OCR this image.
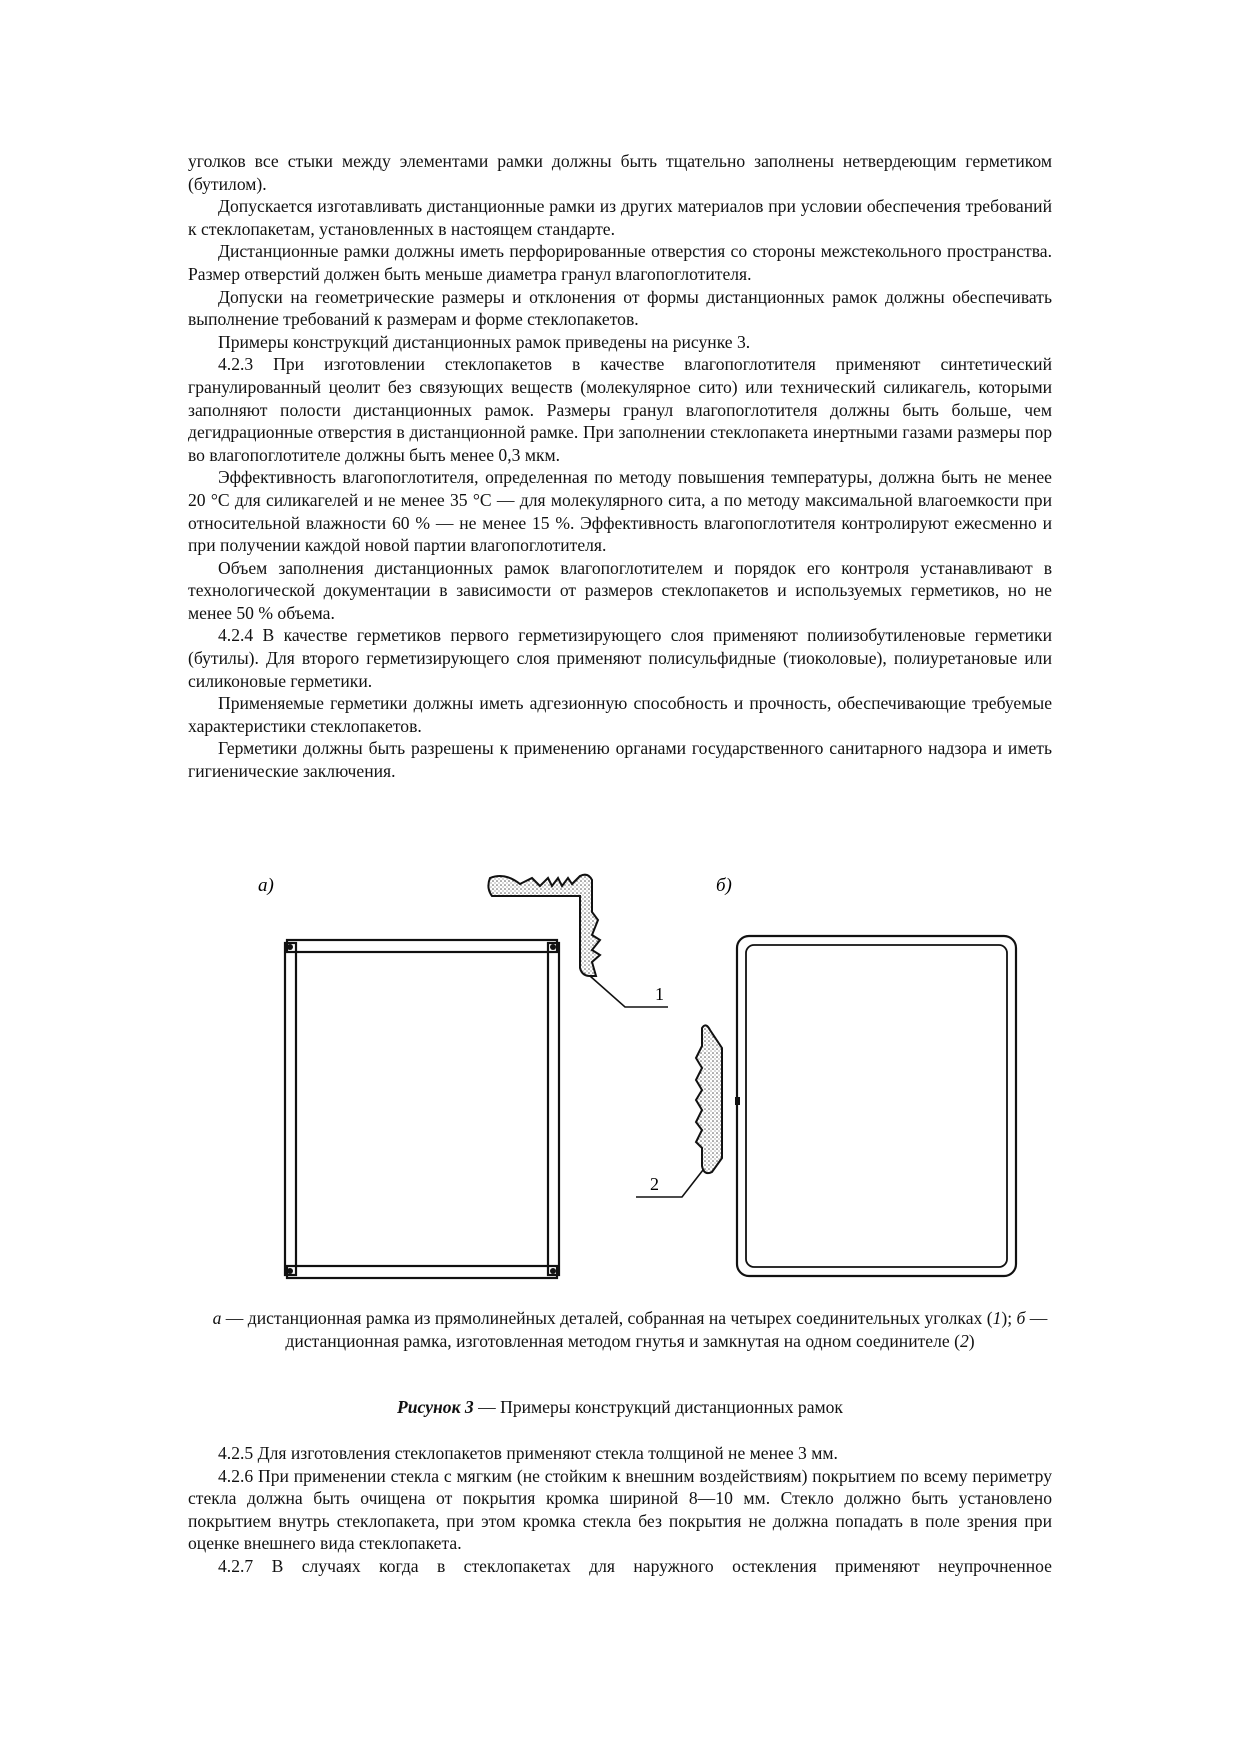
уголков все стыки между элементами рамки должны быть тщательно заполнены нетвердеющим герметиком (бутилом).

Допускается изготавливать дистанционные рамки из других материалов при условии обеспечения требований к стеклопакетам, установленных в настоящем стандарте.

Дистанционные рамки должны иметь перфорированные отверстия со стороны межстекольного пространства. Размер отверстий должен быть меньше диаметра гранул влагопоглотителя.

Допуски на геометрические размеры и отклонения от формы дистанционных рамок должны обеспечивать выполнение требований к размерам и форме стеклопакетов.

Примеры конструкций дистанционных рамок приведены на рисунке 3.

4.2.3 При изготовлении стеклопакетов в качестве влагопоглотителя применяют синтетический гранулированный цеолит без связующих веществ (молекулярное сито) или технический силикагель, которыми заполняют полости дистанционных рамок. Размеры гранул влагопоглотителя должны быть больше, чем дегидрационные отверстия в дистанционной рамке. При заполнении стеклопакета инертными газами размеры пор во влагопоглотителе должны быть менее 0,3 мкм.

Эффективность влагопоглотителя, определенная по методу повышения температуры, должна быть не менее 20 °С для силикагелей и не менее 35 °С — для молекулярного сита, а по методу максимальной влагоемкости при относительной влажности 60 % — не менее 15 %. Эффективность влагопоглотителя контролируют ежесменно и при получении каждой новой партии влагопоглотителя.

Объем заполнения дистанционных рамок влагопоглотителем и порядок его контроля устанавливают в технологической документации в зависимости от размеров стеклопакетов и используемых герметиков, но не менее 50 % объема.

4.2.4 В качестве герметиков первого герметизирующего слоя применяют полиизобутиленовые герметики (бутилы). Для второго герметизирующего слоя применяют полисульфидные (тиоколовые), полиуретановые или силиконовые герметики.

Применяемые герметики должны иметь адгезионную способность и прочность, обеспечивающие требуемые характеристики стеклопакетов.

Герметики должны быть разрешены к применению органами государственного санитарного надзора и иметь гигиенические заключения.

а)	б)
1
2
а — дистанционная рамка из прямолинейных деталей, собранная на четырех соединительных уголках (1); б — дистанционная рамка, изготовленная методом гнутья и замкнутая на одном соединителе (2)
Рисунок 3 — Примеры конструкций дистанционных рамок

4.2.5 Для изготовления стеклопакетов применяют стекла толщиной не менее 3 мм.

4.2.6 При применении стекла с мягким (не стойким к внешним воздействиям) покрытием по всему периметру стекла должна быть очищена от покрытия кромка шириной 8—10 мм. Стекло должно быть установлено покрытием внутрь стеклопакета, при этом кромка стекла без покрытия не должна попадать в поле зрения при оценке внешнего вида стеклопакета.

4.2.7 В случаях когда в стеклопакетах для наружного остекления применяют неупрочненное
